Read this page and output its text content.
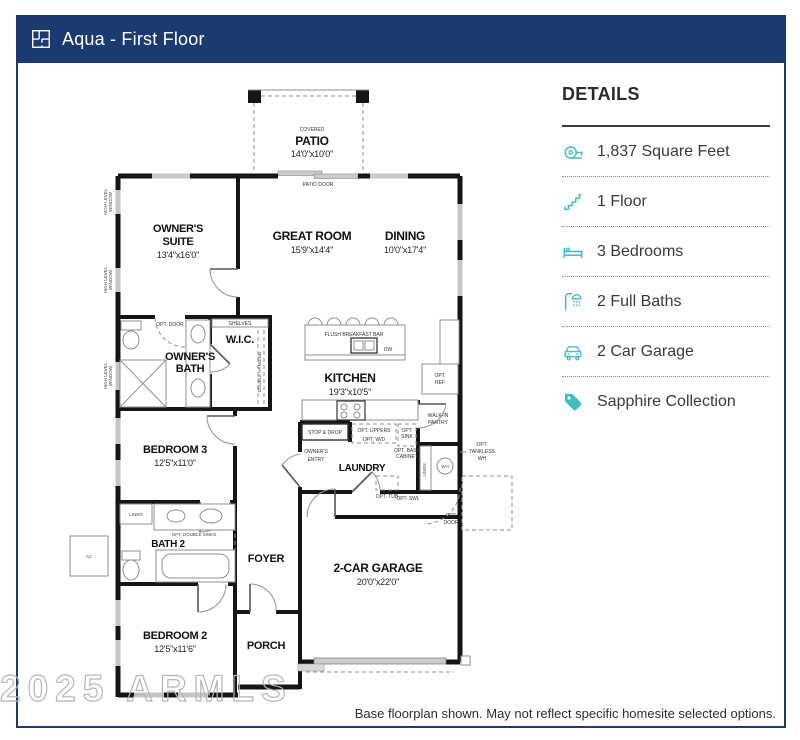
Aqua - First Floor
COVERED
PATIO
14'0"x10'0"
PATIO DOOR
HIGH LEVEL WINDOW
HIGH LEVEL WINDOW
HIGH LEVEL WINDOW
OPT. DOOR	SHELVES
DOUBLE HANGING
FLUSH BREAKFAST BAR
DW
OPT.
REF
WALK-IN
PANTRY
STOP & DROP
OWNER'S
ENTRY
OPT. UPPERS
OPT. W/D
OPT.
SINK
OPT. BASE
CABINET
LAUNDRY	LINEN	WH
OPT.
TANKLESS
WH
OPT. TUB
OPT. SWL
OPT.
DOOR
LINEN
OPT. DOUBLE SINKS
AC
OWNER'S
SUITE
13'4"x16'0"
GREAT ROOM
15'9"x14'4"
DINING
10'0"x17'4"
W.I.C.
OWNER'S
BATH
KITCHEN
19'3"x10'5"
BEDROOM 3
12'5"x11'0"
BATH 2
FOYER
2-CAR GARAGE
20'0"x22'0"
BEDROOM 2
12'5"x11'6"	PORCH
DETAILS
1,837 Square Feet
1 Floor
3 Bedrooms
2 Full Baths
2 Car Garage
Sapphire Collection
Base floorplan shown. May not reflect specific homesite selected options.
